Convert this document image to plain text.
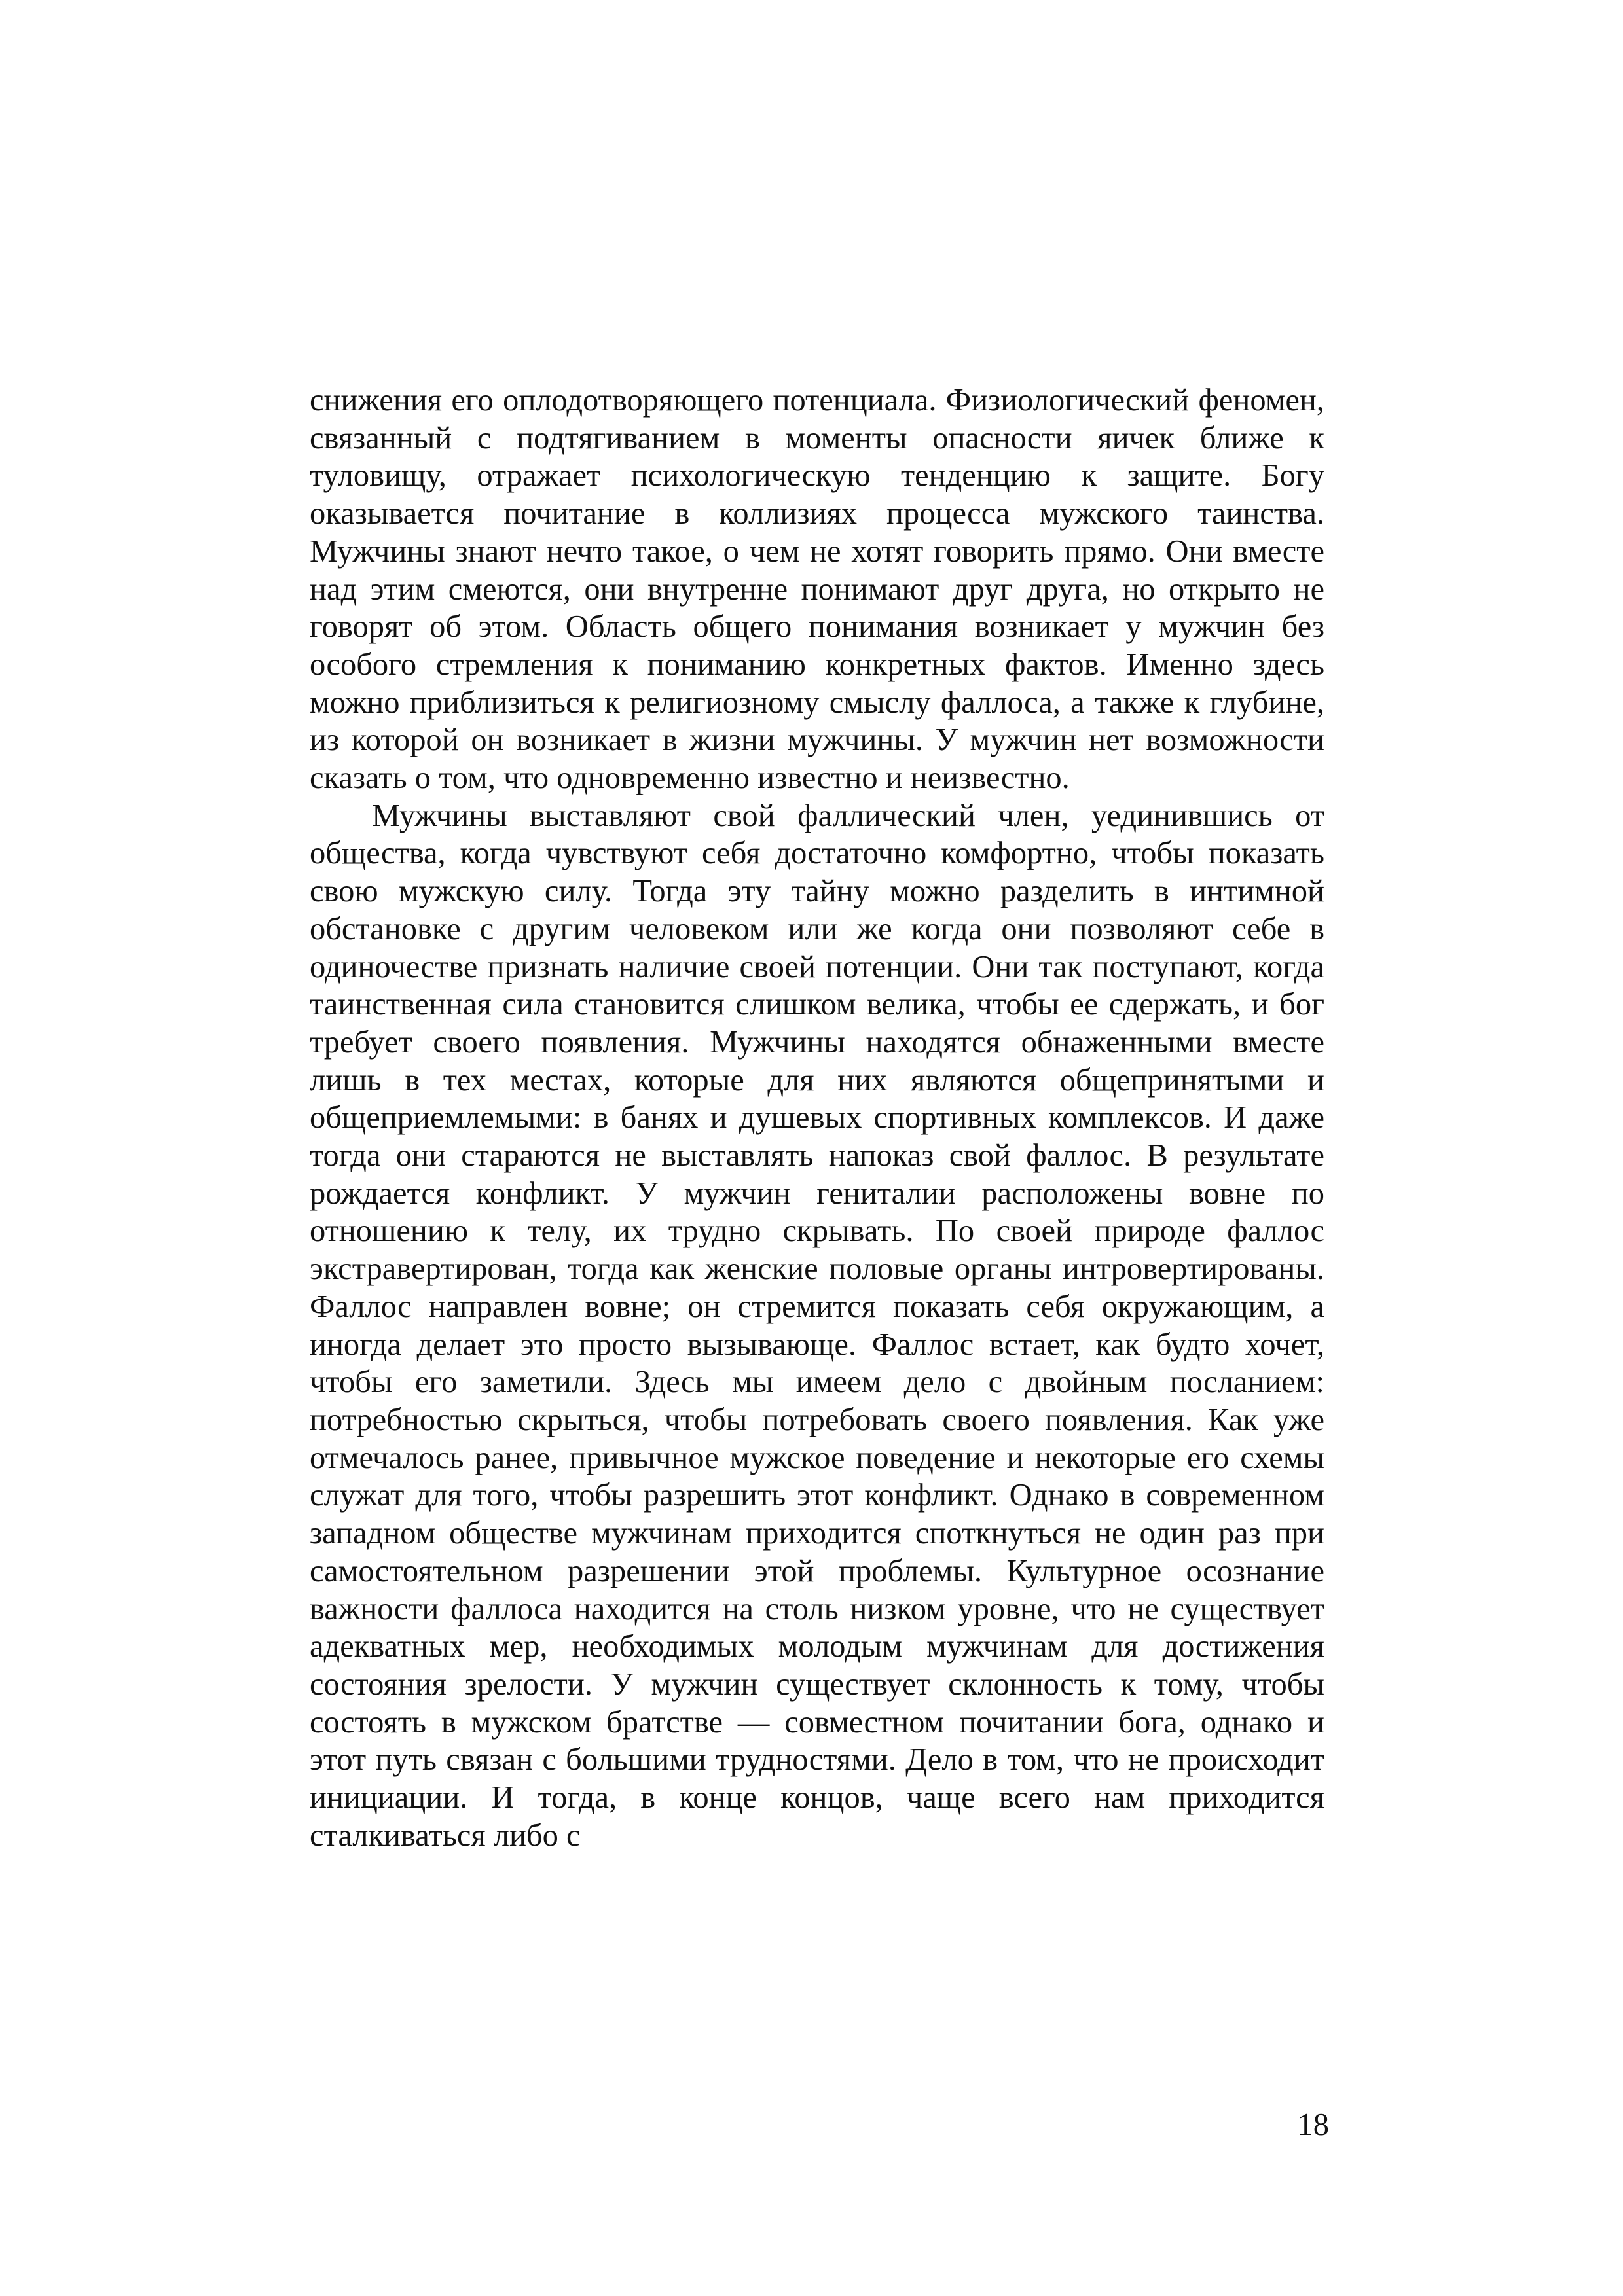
снижения его оплодотворяющего потенциала. Физиологический феномен, связанный с подтягиванием в моменты опасности яичек ближе к туловищу, отражает психологическую тенденцию к защите. Богу оказывается почитание в коллизиях процесса мужского таинства. Мужчины знают нечто такое, о чем не хотят говорить прямо. Они вместе над этим смеются, они внутренне понимают друг друга, но открыто не говорят об этом. Область общего понимания возникает у мужчин без особого стремления к пониманию конкретных фактов. Именно здесь можно приблизиться к религиозному смыслу фаллоса, а также к глубине, из которой он возникает в жизни мужчины. У мужчин нет возможности сказать о том, что одновременно известно и неизвестно.

Мужчины выставляют свой фаллический член, уединившись от общества, когда чувствуют себя достаточно комфортно, чтобы показать свою мужскую силу. Тогда эту тайну можно разделить в интимной обстановке с другим человеком или же когда они позволяют себе в одиночестве признать наличие своей потенции. Они так поступают, когда таинственная сила становится слишком велика, чтобы ее сдержать, и бог требует своего появления. Мужчины находятся обнаженными вместе лишь в тех местах, которые для них являются общепринятыми и общеприемлемыми: в банях и душевых спортивных комплексов. И даже тогда они стараются не выставлять напоказ свой фаллос. В результате рождается конфликт. У мужчин гениталии расположены вовне по отношению к телу, их трудно скрывать. По своей природе фаллос экстравертирован, тогда как женские половые органы интровертированы. Фаллос направлен вовне; он стремится показать себя окружающим, а иногда делает это просто вызывающе. Фаллос встает, как будто хочет, чтобы его заметили. Здесь мы имеем дело с двойным посланием: потребностью скрыться, чтобы потребовать своего появления. Как уже отмечалось ранее, привычное мужское поведение и некоторые его схемы служат для того, чтобы разрешить этот конфликт. Однако в современном западном обществе мужчинам приходится споткнуться не один раз при самостоятельном разрешении этой проблемы. Культурное осознание важности фаллоса находится на столь низком уровне, что не существует адекватных мер, необходимых молодым мужчинам для достижения состояния зрелости. У мужчин существует склонность к тому, чтобы состоять в мужском братстве — совместном почитании бога, однако и этот путь связан с большими трудностями. Дело в том, что не происходит инициации. И тогда, в конце концов, чаще всего нам приходится сталкиваться либо с

18
